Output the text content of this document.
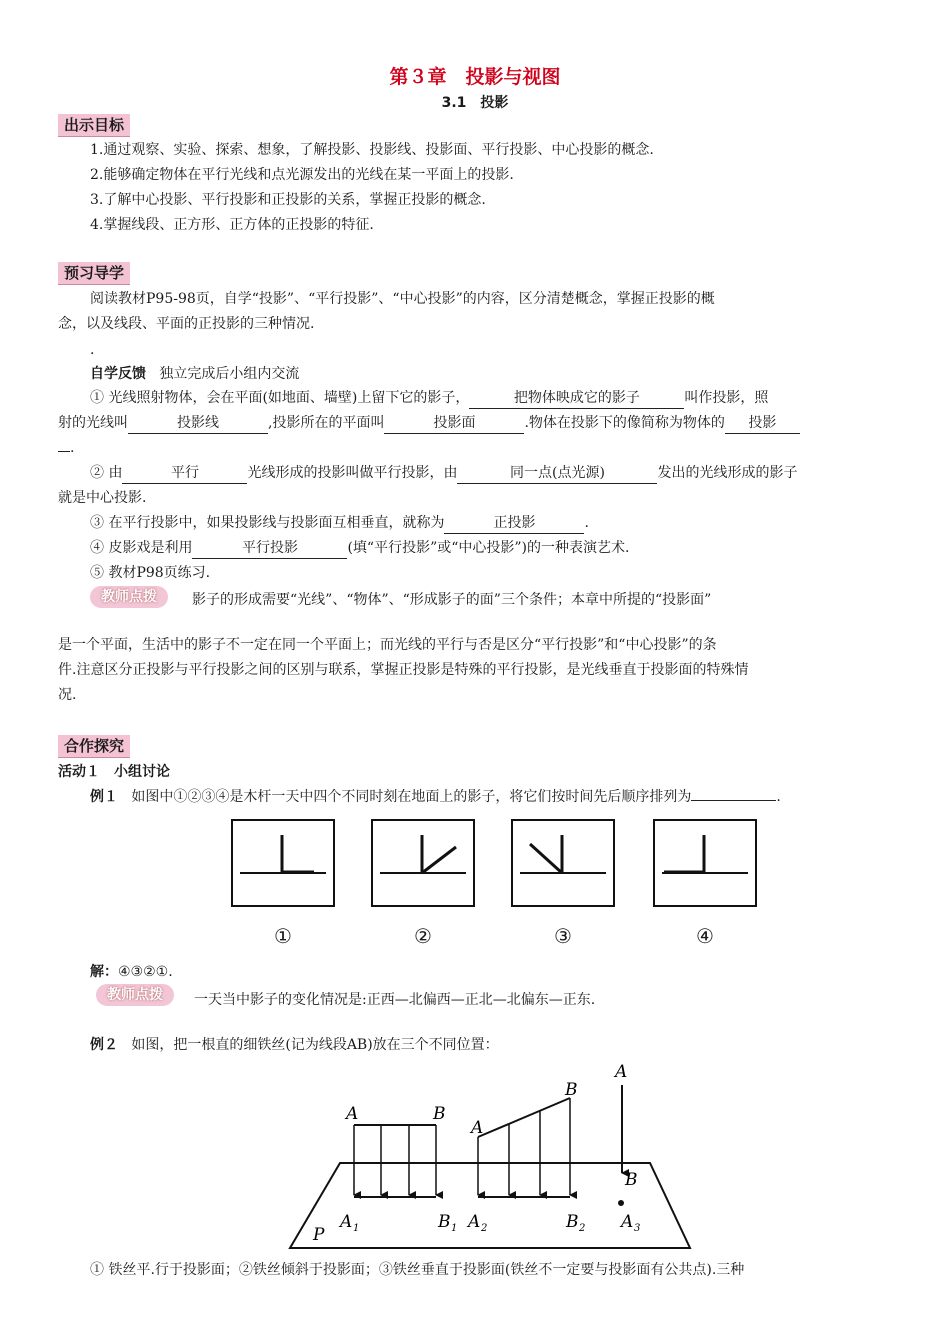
第３章　投影与视图
3.1　投影
出示目标
1.通过观察、实验、探索、想象，了解投影、投影线、投影面、平行投影、中心投影的概念.
2.能够确定物体在平行光线和点光源发出的光线在某一平面上的投影.
3.了解中心投影、平行投影和正投影的关系，掌握正投影的概念.
4.掌握线段、正方形、正方体的正投影的特征.
预习导学
阅读教材P95-98页，自学“投影”、“平行投影”、“中心投影”的内容，区分清楚概念，掌握正投影的概
念，以及线段、平面的正投影的三种情况.
.
自学反馈 独立完成后小组内交流
① 光线照射物体，会在平面(如地面、墙壁)上留下它的影子，	把物体映成它的影子	叫作投影，照
射的光线叫	投影线	,投影所在的平面叫	投影面	.物体在投影下的像简称为物体的 投影
.
② 由	平行	光线形成的投影叫做平行投影，由	同一点(点光源)	发出的光线形成的影子
就是中心投影.
③ 在平行投影中，如果投影线与投影面互相垂直，就称为	正投影	.
④ 皮影戏是利用	平行投影	(填“平行投影”或“中心投影”)的一种表演艺术.
⑤ 教材P98页练习.
教师点拨	影子的形成需要“光线”、“物体”、“形成影子的面”三个条件；本章中所提的“投影面”
是一个平面，生活中的影子不一定在同一个平面上；而光线的平行与否是区分“平行投影”和“中心投影”的条
件.注意区分正投影与平行投影之间的区别与联系，掌握正投影是特殊的平行投影，是光线垂直于投影面的特殊情
况.
合作探究
活动１　小组讨论
例１ 如图中①②③④是木杆一天中四个不同时刻在地面上的影子，将它们按时间先后顺序排列为	.
①	②	③	④
解：④③②①.
教师点拨	一天当中影子的变化情况是:正西—北偏西—正北—北偏东—正东.
例２ 如图，把一根直的细铁丝(记为线段AB)放在三个不同位置：
A	B
A 1	B 1
A
B
A 2	B 2
A
B
A 3
P
① 铁丝平.行于投影面；②铁丝倾斜于投影面；③铁丝垂直于投影面(铁丝不一定要与投影面有公共点).三种
